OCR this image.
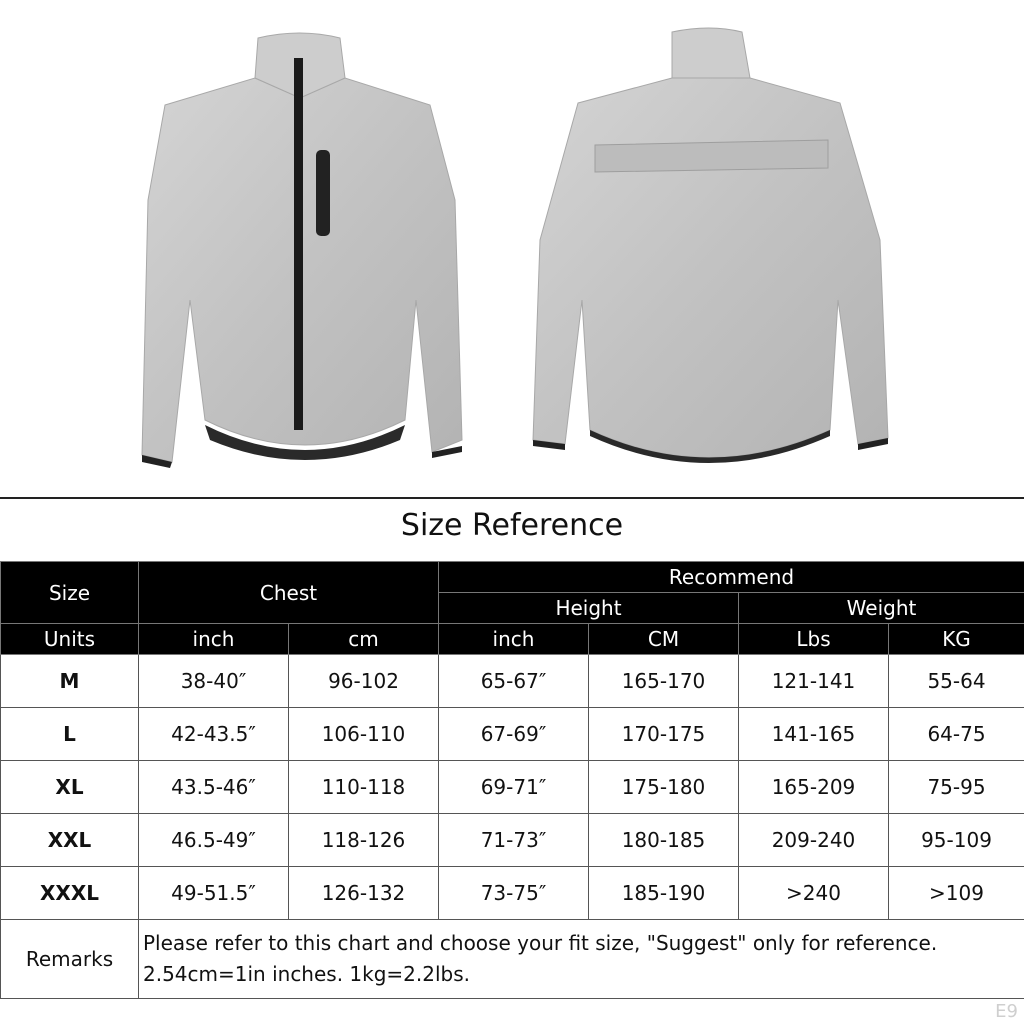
Size Reference
Size	Chest		Recommend			
			Height		Weight	
Units	inch	cm	inch	CM	Lbs	KG
M	38-40″	96-102	65-67″	165-170	121-141	55-64
L	42-43.5″	106-110	67-69″	170-175	141-165	64-75
XL	43.5-46″	110-118	69-71″	175-180	165-209	75-95
XXL	46.5-49″	118-126	71-73″	180-185	209-240	95-109
XXXL	49-51.5″	126-132	73-75″	185-190	>240	>109
Remarks	Please refer to this chart and choose your fit size, "Suggest" only for reference.
2.54cm=1in inches. 1kg=2.2lbs.					
E9
